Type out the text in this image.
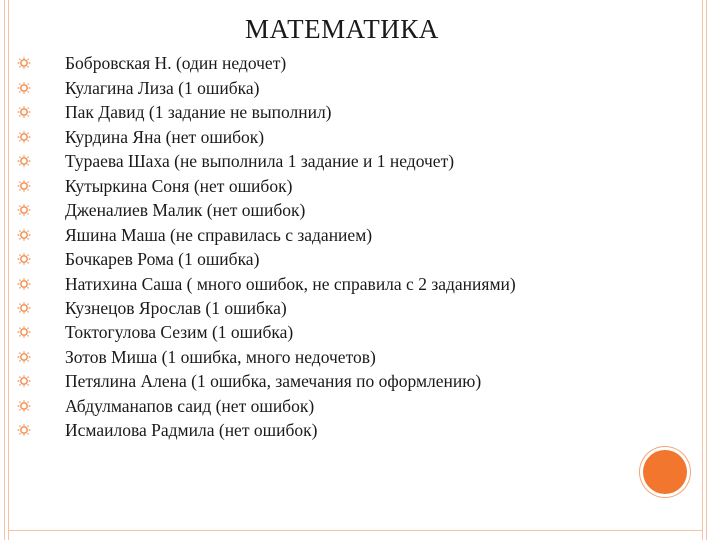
МАТЕМАТИКА
Бобровская Н. (один недочет)
Кулагина Лиза (1 ошибка)
Пак Давид (1 задание не выполнил)
Курдина Яна (нет ошибок)
Тураева Шаха (не выполнила 1 задание и 1 недочет)
Кутыркина Соня (нет ошибок)
Дженалиев Малик (нет ошибок)
Яшина Маша (не справилась с заданием)
Бочкарев Рома (1 ошибка)
Натихина Саша ( много ошибок, не справила с 2 заданиями)
Кузнецов Ярослав (1 ошибка)
Токтогулова Сезим (1 ошибка)
Зотов Миша (1 ошибка, много недочетов)
Петялина Алена (1 ошибка, замечания по оформлению)
Абдулманапов саид (нет ошибок)
Исмаилова Радмила (нет ошибок)
